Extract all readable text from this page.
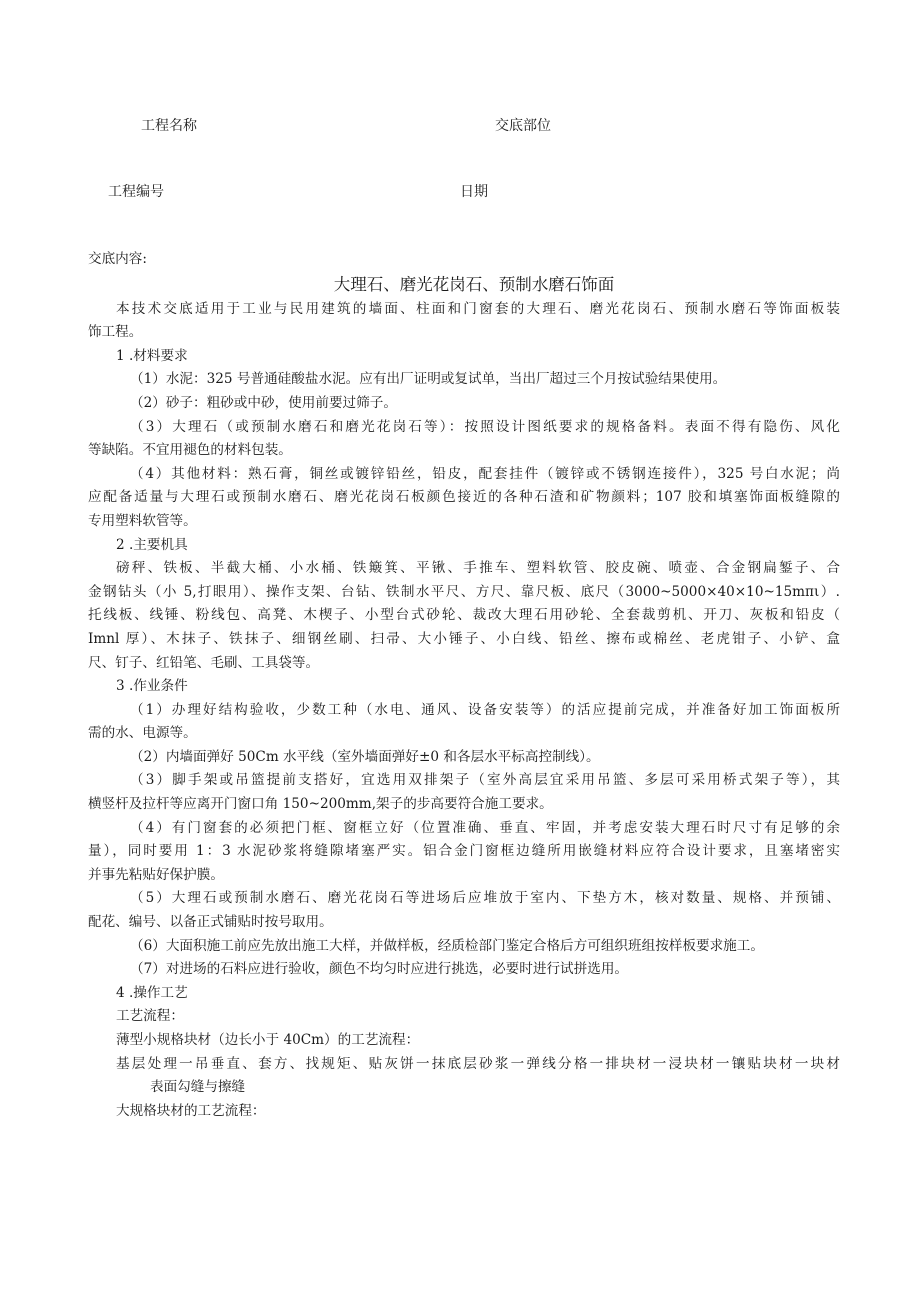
工程名称	交底部位
工程编号	日期
交底内容:
大理石、磨光花岗石、预制水磨石饰面
本技术交底适用于工业与民用建筑的墙面、柱面和门窗套的大理石、磨光花岗石、预制水磨石等饰面板装
饰工程。
1 .材料要求
（1）水泥：325 号普通硅酸盐水泥。应有出厂证明或复试单，当出厂超过三个月按试验结果使用。
（2）砂子：粗砂或中砂，使用前要过筛子。
（3）大理石（或预制水磨石和磨光花岗石等）：按照设计图纸要求的规格备料。表面不得有隐伤、风化
等缺陷。不宜用褪色的材料包装。
（4）其他材料：熟石膏，铜丝或镀锌铅丝，铅皮，配套挂件（镀锌或不锈钢连接件），325 号白水泥；尚
应配备适量与大理石或预制水磨石、磨光花岗石板颜色接近的各种石渣和矿物颜料；107 胶和填塞饰面板缝隙的
专用塑料软管等。
2 .主要机具
磅秤、铁板、半截大桶、小水桶、铁簸箕、平锹、手推车、塑料软管、胶皮碗、喷壶、合金钢扁錾子、合
金钢钻头（小 5,打眼用）、操作支架、台钻、铁制水平尺、方尺、靠尺板、底尺（3000~5000×40×10~15mπι）.
托线板、线锤、粉线包、高凳、木楔子、小型台式砂轮、裁改大理石用砂轮、全套裁剪机、开刀、灰板和铅皮（
Imnl 厚）、木抹子、铁抹子、细钢丝刷、扫帚、大小锤子、小白线、铅丝、擦布或棉丝、老虎钳子、小铲、盒
尺、钉子、红铅笔、毛刷、工具袋等。
3 .作业条件
（1）办理好结构验收，少数工种（水电、通风、设备安装等）的活应提前完成，并准备好加工饰面板所
需的水、电源等。
（2）内墙面弹好 50Cm 水平线（室外墙面弹好±0 和各层水平标高控制线）。
（3）脚手架或吊篮提前支搭好，宜选用双排架子（室外高层宜采用吊篮、多层可采用桥式架子等），其
横竖杆及拉杆等应离开门窗口角 150~200mm,架子的步高要符合施工要求。
（4）有门窗套的必须把门框、窗框立好（位置准确、垂直、牢固，并考虑安装大理石时尺寸有足够的余
量），同时要用 1：3 水泥砂浆将缝隙堵塞严实。铝合金门窗框边缝所用嵌缝材料应符合设计要求，且塞堵密实
并事先粘贴好保护膜。
（5）大理石或预制水磨石、磨光花岗石等进场后应堆放于室内、下垫方木，核对数量、规格、并预铺、
配花、编号、以备正式铺贴时按号取用。
（6）大面积施工前应先放出施工大样，并做样板，经质检部门鉴定合格后方可组织班组按样板要求施工。
（7）对进场的石料应进行验收，颜色不均匀时应进行挑选，必要时进行试拼选用。
4 .操作工艺
工艺流程：
薄型小规格块材（边长小于 40Cm）的工艺流程：
基层处理一吊垂直、套方、找规矩、贴灰饼一抹底层砂浆一弹线分格一排块材一浸块材一镶贴块材一块材
表面勾缝与擦缝
大规格块材的工艺流程：
